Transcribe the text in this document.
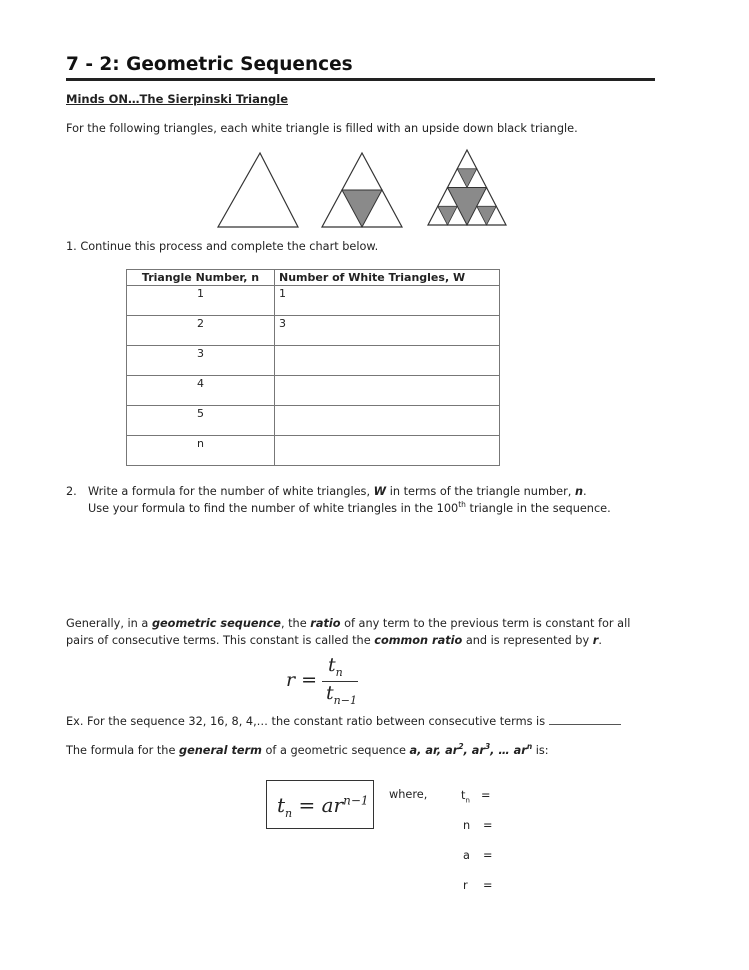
7 - 2: Geometric Sequences
Minds ON…The Sierpinski Triangle
For the following triangles, each white triangle is filled with an upside down black triangle.
1. Continue this process and complete the chart below.
Triangle Number, n	Number of White Triangles, W
1	1
2	3
3	
4	
5	
n	
2. Write a formula for the number of white triangles, W in terms of the triangle number, n.
Use your formula to find the number of white triangles in the 100th triangle in the sequence.
Generally, in a geometric sequence, the ratio of any term to the previous term is constant for all
pairs of consecutive terms. This constant is called the common ratio and is represented by r.
r =
$t_n$
$t_{n-1}$
Ex. For the sequence 32, 16, 8, 4,… the constant ratio between consecutive terms is
The formula for the general term of a geometric sequence a, ar, $ar^2$, $ar^3$, … $ar^n$ is:
$t_n = ar^{n-1}$ where,	$t_n$ =
n =
a =
r =
